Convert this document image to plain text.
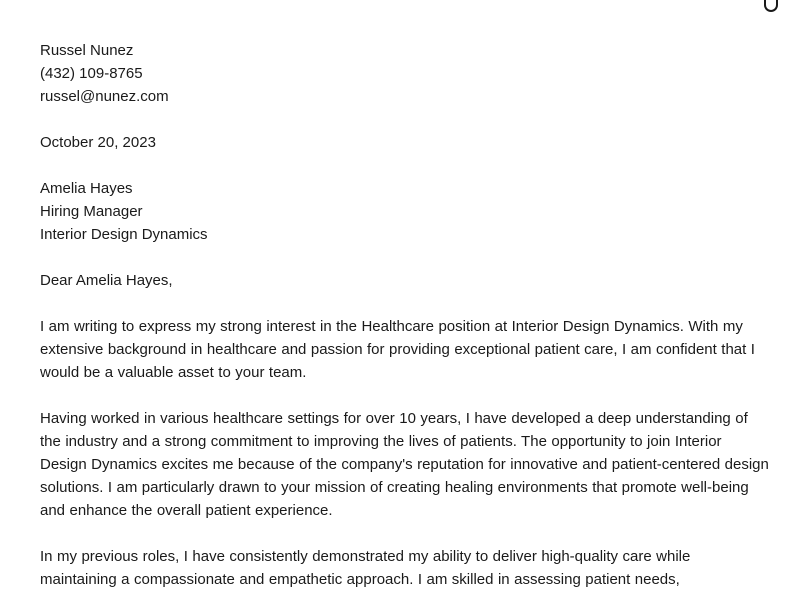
Russel Nunez
(432) 109-8765
russel@nunez.com
October 20, 2023
Amelia Hayes
Hiring Manager
Interior Design Dynamics
Dear Amelia Hayes,

I am writing to express my strong interest in the Healthcare position at Interior Design Dynamics. With my extensive background in healthcare and passion for providing exceptional patient care, I am confident that I would be a valuable asset to your team.

Having worked in various healthcare settings for over 10 years, I have developed a deep understanding of the industry and a strong commitment to improving the lives of patients. The opportunity to join Interior Design Dynamics excites me because of the company's reputation for innovative and patient-centered design solutions. I am particularly drawn to your mission of creating healing environments that promote well-being and enhance the overall patient experience.

In my previous roles, I have consistently demonstrated my ability to deliver high-quality care while maintaining a compassionate and empathetic approach. I am skilled in assessing patient needs,
